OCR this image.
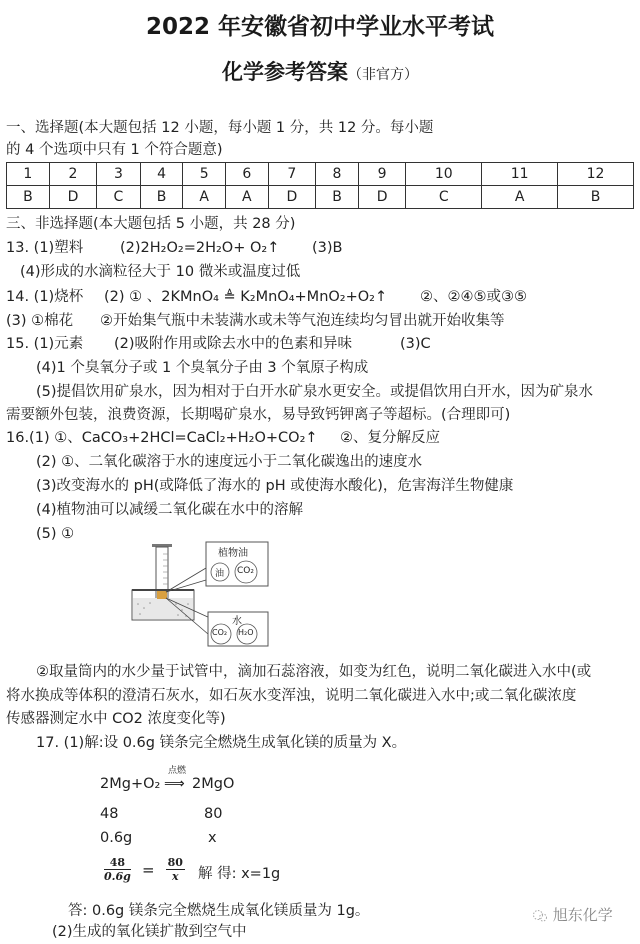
2022 年安徽省初中学业水平考试
化学参考答案（非官方）
一、选择题(本大题包括 12 小题，每小题 1 分，共 12 分。每小题
的 4 个选项中只有 1 个符合题意)
1	2	3	4	5	6	7	8	9	10	11	12
B	D	C	B	A	A	D	B	D	C	A	B
三、非选择题(本大题包括 5 小题，共 28 分)
13. (1)塑料	(2)2H₂O₂=2H₂O+ O₂↑ (3)B
(4)形成的水滴粒径大于 10 微米或温度过低
14. (1)烧杯 (2) ① 、2KMnO₄ ≜ K₂MnO₄+MnO₂+O₂↑ ②、②④⑤或③⑤
(3) ①棉花 ②开始集气瓶中未装满水或未等气泡连续均匀冒出就开始收集等
15. (1)元素 (2)吸附作用或除去水中的色素和异味	(3)C
(4)1 个臭氧分子或 1 个臭氧分子由 3 个氧原子构成
(5)提倡饮用矿泉水，因为相对于白开水矿泉水更安全。或提倡饮用白开水，因为矿泉水
需要额外包装，浪费资源，长期喝矿泉水，易导致钙钾离子等超标。(合理即可)
16.(1) ①、CaCO₃+2HCl=CaCl₂+H₂O+CO₂↑ ②、复分解反应
(2) ①、二氧化碳溶于水的速度远小于二氧化碳逸出的速度水
(3)改变海水的 pH(或降低了海水的 pH 或使海水酸化)，危害海洋生物健康
(4)植物油可以减缓二氧化碳在水中的溶解
(5) ①
植物油
油 CO₂
水
CO₂ H₂O
②取量筒内的水少量于试管中，滴加石蕊溶液，如变为红色，说明二氧化碳进入水中(或
将水换成等体积的澄清石灰水，如石灰水变浑浊，说明二氧化碳进入水中;或二氧化碳浓度
传感器测定水中 CO2 浓度变化等)
17. (1)解:设 0.6g 镁条完全燃烧生成氧化镁的质量为 X。
2Mg+O₂
点燃
⟹ 2MgO
48	80
0.6g	x
$\frac{48}{0.6g} = \frac{80}{x}$ 解 得: x=1g
答: 0.6g 镁条完全燃烧生成氧化镁质量为 1g。
(2)生成的氧化镁扩散到空气中
旭东化学
